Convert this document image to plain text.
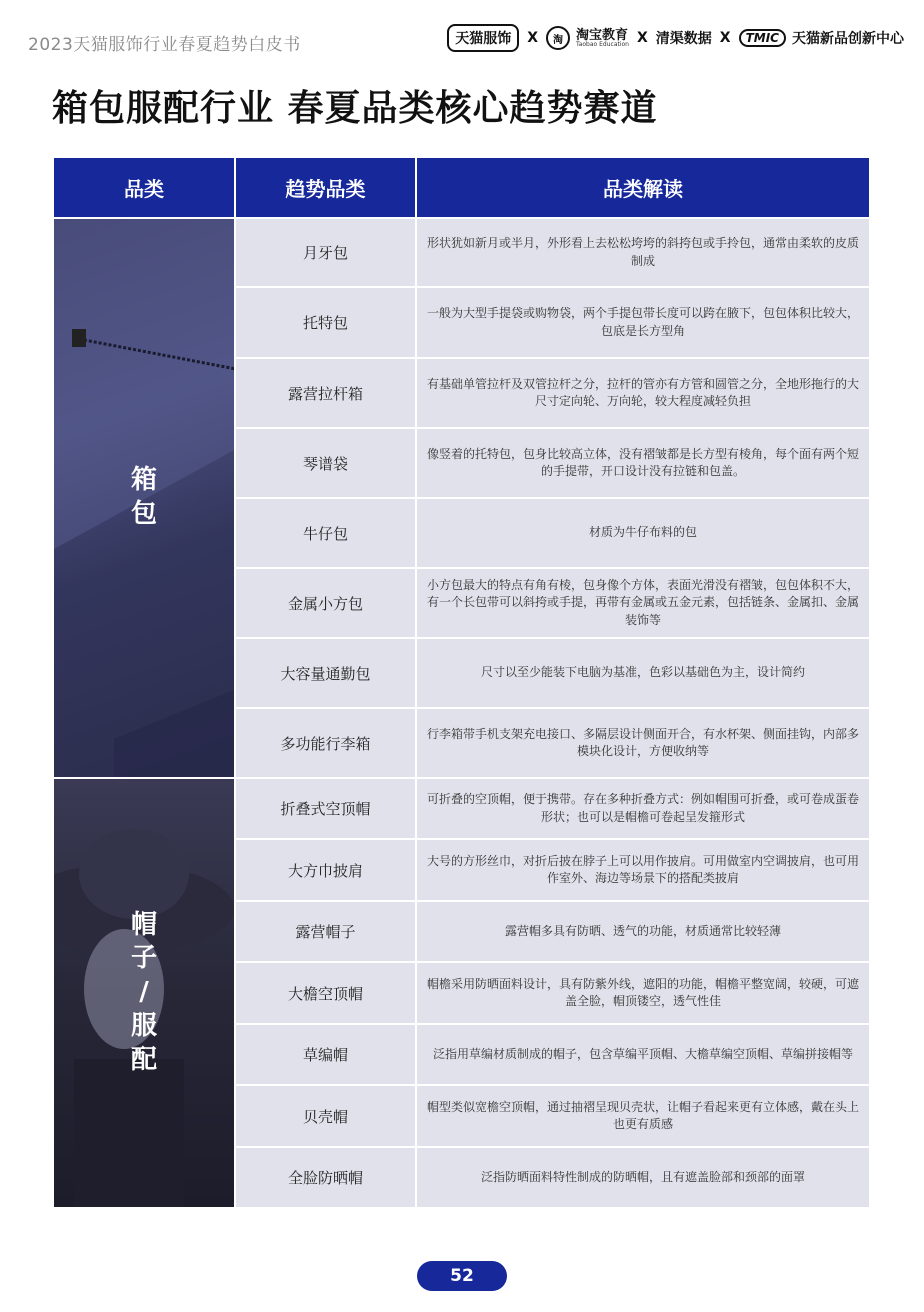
2023天猫服饰行业春夏趋势白皮书	天猫服饰	X	淘	淘宝教育
Taobao Education X 清渠数据 X	TMIC 天猫新品创新中心
箱包服配行业 春夏品类核心趋势赛道
品类	趋势品类	品类解读

箱
包	月牙包	形状犹如新月或半月，外形看上去松松垮垮的斜挎包或手拎包，通常由柔软的皮质制成
	托特包	一般为大型手提袋或购物袋，两个手提包带长度可以跨在腋下，包包体积比较大，包底是长方型角
	露营拉杆箱	有基础单管拉杆及双管拉杆之分，拉杆的管亦有方管和圆管之分，全地形拖行的大尺寸定向轮、万向轮，较大程度减轻负担
	琴谱袋	像竖着的托特包，包身比较高立体，没有褶皱都是长方型有棱角，每个面有两个短的手提带，开口设计没有拉链和包盖。
	牛仔包	材质为牛仔布料的包
	金属小方包	小方包最大的特点有角有棱，包身像个方体，表面光滑没有褶皱，包包体积不大，有一个长包带可以斜挎或手提，再带有金属或五金元素，包括链条、金属扣、金属装饰等
	大容量通勤包	尺寸以至少能装下电脑为基准，色彩以基础色为主，设计简约
	多功能行李箱	行李箱带手机支架充电接口、多隔层设计侧面开合，有水杯架、侧面挂钩，内部多模块化设计，方便收纳等

帽
子
/
服
配	折叠式空顶帽	可折叠的空顶帽，便于携带。存在多种折叠方式：例如帽围可折叠，或可卷成蛋卷形状；也可以是帽檐可卷起呈发箍形式
	大方巾披肩	大号的方形丝巾，对折后披在脖子上可以用作披肩。可用做室内空调披肩，也可用作室外、海边等场景下的搭配类披肩
	露营帽子	露营帽多具有防晒、透气的功能，材质通常比较轻薄
	大檐空顶帽	帽檐采用防晒面料设计，具有防紫外线，遮阳的功能，帽檐平整宽阔，较硬，可遮盖全脸，帽顶镂空，透气性佳
	草编帽	泛指用草编材质制成的帽子，包含草编平顶帽、大檐草编空顶帽、草编拼接帽等
	贝壳帽	帽型类似宽檐空顶帽，通过抽褶呈现贝壳状，让帽子看起来更有立体感，戴在头上也更有质感
	全脸防晒帽	泛指防晒面料特性制成的防晒帽，且有遮盖脸部和颈部的面罩
52
